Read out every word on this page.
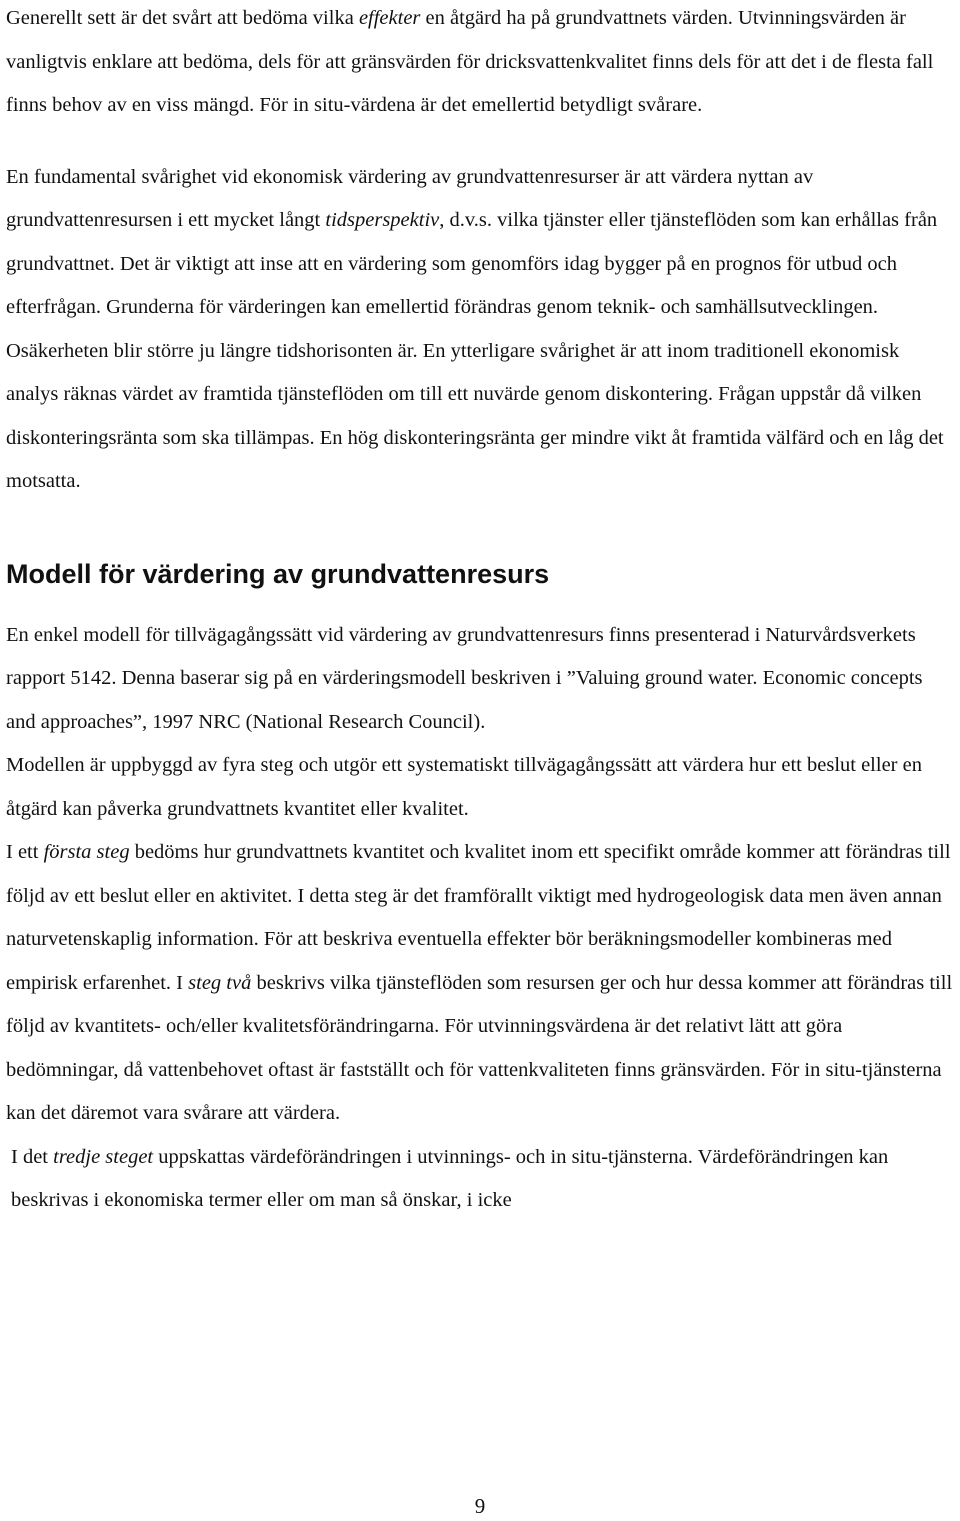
Generellt sett är det svårt att bedöma vilka effekter en åtgärd ha på grundvattnets värden. Utvinningsvärden är vanligtvis enklare att bedöma, dels för att gränsvärden för dricksvattenkvalitet finns dels för att det i de flesta fall finns behov av en viss mängd. För in situ-värdena är det emellertid betydligt svårare.

En fundamental svårighet vid ekonomisk värdering av grundvattenresurser är att värdera nyttan av grundvattenresursen i ett mycket långt tidsperspektiv, d.v.s. vilka tjänster eller tjänsteflöden som kan erhållas från grundvattnet. Det är viktigt att inse att en värdering som genomförs idag bygger på en prognos för utbud och efterfrågan. Grunderna för värderingen kan emellertid förändras genom teknik- och samhällsutvecklingen. Osäkerheten blir större ju längre tidshorisonten är. En ytterligare svårighet är att inom traditionell ekonomisk analys räknas värdet av framtida tjänsteflöden om till ett nuvärde genom diskontering. Frågan uppstår då vilken diskonteringsränta som ska tillämpas. En hög diskonteringsränta ger mindre vikt åt framtida välfärd och en låg det motsatta.

Modell för värdering av grundvattenresurs

En enkel modell för tillvägagångssätt vid värdering av grundvattenresurs finns presenterad i Naturvårdsverkets rapport 5142. Denna baserar sig på en värderingsmodell beskriven i ”Valuing ground water. Economic concepts and approaches”, 1997 NRC (National Research Council).

Modellen är uppbyggd av fyra steg och utgör ett systematiskt tillvägagångssätt att värdera hur ett beslut eller en åtgärd kan påverka grundvattnets kvantitet eller kvalitet.

I ett första steg bedöms hur grundvattnets kvantitet och kvalitet inom ett specifikt område kommer att förändras till följd av ett beslut eller en aktivitet. I detta steg är det framförallt viktigt med hydrogeologisk data men även annan naturvetenskaplig information. För att beskriva eventuella effekter bör beräkningsmodeller kombineras med empirisk erfarenhet. I steg två beskrivs vilka tjänsteflöden som resursen ger och hur dessa kommer att förändras till följd av kvantitets- och/eller kvalitetsförändringarna. För utvinningsvärdena är det relativt lätt att göra bedömningar, då vattenbehovet oftast är fastställt och för vattenkvaliteten finns gränsvärden. För in situ-tjänsterna kan det däremot vara svårare att värdera.

I det tredje steget uppskattas värdeförändringen i utvinnings- och in situ-tjänsterna. Värdeförändringen kan beskrivas i ekonomiska termer eller om man så önskar, i icke

9
